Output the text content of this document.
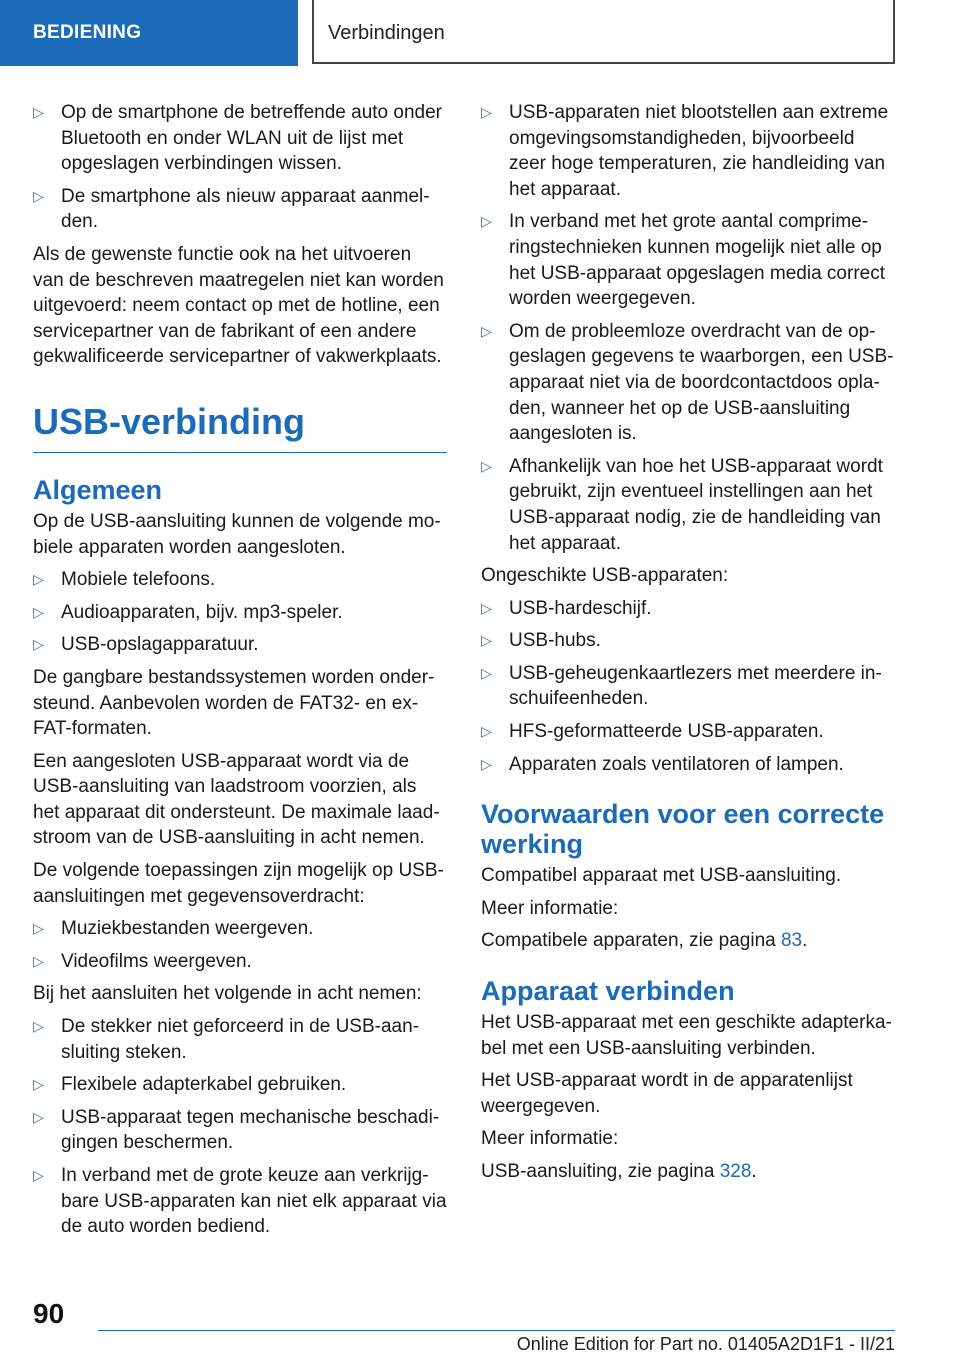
BEDIENING	Verbindingen
▷ Op de smartphone de betreffende auto onder Bluetooth en onder WLAN uit de lijst met opgeslagen verbindingen wissen.
▷ De smartphone als nieuw apparaat aanmelden.

Als de gewenste functie ook na het uitvoeren van de beschreven maatregelen niet kan worden uitgevoerd: neem contact op met de hotline, een servicepartner van de fabrikant of een andere gekwalificeerde servicepartner of vakwerkplaats.

USB-verbinding
Algemeen

Op de USB-aansluiting kunnen de volgende mobiele apparaten worden aangesloten.

▷ Mobiele telefoons.
▷ Audioapparaten, bijv. mp3-speler.
▷ USB-opslagapparatuur.

De gangbare bestandssystemen worden ondersteund. Aanbevolen worden de FAT32- en exFAT-formaten.

Een aangesloten USB-apparaat wordt via de USB-aansluiting van laadstroom voorzien, als het apparaat dit ondersteunt. De maximale laadstroom van de USB-aansluiting in acht nemen.

De volgende toepassingen zijn mogelijk op USB-aansluitingen met gegevensoverdracht:

▷ Muziekbestanden weergeven.
▷ Videofilms weergeven.

Bij het aansluiten het volgende in acht nemen:

▷ De stekker niet geforceerd in de USB-aansluiting steken.
▷ Flexibele adapterkabel gebruiken.
▷ USB-apparaat tegen mechanische beschadigingen beschermen.
▷ In verband met de grote keuze aan verkrijgbare USB-apparaten kan niet elk apparaat via de auto worden bediend.
▷ USB-apparaten niet blootstellen aan extreme omgevingsomstandigheden, bijvoorbeeld zeer hoge temperaturen, zie handleiding van het apparaat.
▷ In verband met het grote aantal comprimeringstechnieken kunnen mogelijk niet alle op het USB-apparaat opgeslagen media correct worden weergegeven.
▷ Om de probleemloze overdracht van de opgeslagen gegevens te waarborgen, een USB-apparaat niet via de boordcontactdoos opladen, wanneer het op de USB-aansluiting aangesloten is.
▷ Afhankelijk van hoe het USB-apparaat wordt gebruikt, zijn eventueel instellingen aan het USB-apparaat nodig, zie de handleiding van het apparaat.

Ongeschikte USB-apparaten:

▷ USB-hardeschijf.
▷ USB-hubs.
▷ USB-geheugenkaartlezers met meerdere inschuifeenheden.
▷ HFS-geformatteerde USB-apparaten.
▷ Apparaten zoals ventilatoren of lampen.
Voorwaarden voor een correcte werking

Compatibel apparaat met USB-aansluiting.

Meer informatie:

Compatibele apparaten, zie pagina 83.

Apparaat verbinden

Het USB-apparaat met een geschikte adapterkabel met een USB-aansluiting verbinden.

Het USB-apparaat wordt in de apparatenlijst weergegeven.

Meer informatie:

USB-aansluiting, zie pagina 328.

90
Online Edition for Part no. 01405A2D1F1 - II/21
